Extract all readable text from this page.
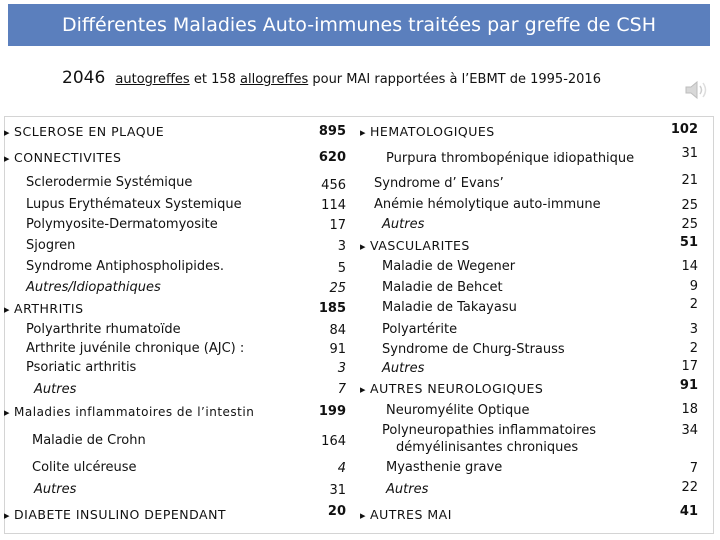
Différentes Maladies Auto-immunes traitées par greffe de CSH
2046 autogreffes et 158 allogreffes pour MAI rapportées à l’EBMT de 1995-2016
▸ SCLEROSE EN PLAQUE	895
▸ CONNECTIVITES	620
Sclerodermie Systémique	456
Lupus Erythémateux Systemique	114
Polymyosite-Dermatomyosite	17
Sjogren	3
Syndrome Antiphospholipides.	5
Autres/Idiopathiques	25
▸ ARTHRITIS	185
Polyarthrite rhumatoïde	84
Arthrite juvénile chronique (AJC) :	91
Psoriatic arthritis	3
Autres	7
▸ Maladies inflammatoires de l’intestin	199
Maladie de Crohn	164
Colite ulcéreuse	4
Autres	31
▸ DIABETE INSULINO DEPENDANT	20
▸ HEMATOLOGIQUES	102
Purpura thrombopénique idiopathique	31
Syndrome d’ Evans’	21
Anémie hémolytique auto-immune	25
Autres	25
▸ VASCULARITES	51
Maladie de Wegener	14
Maladie de Behcet	9
Maladie de Takayasu	2
Polyartérite	3
Syndrome de Churg-Strauss	2
Autres	17
▸ AUTRES NEUROLOGIQUES	91
Neuromyélite Optique	18
Polyneuropathies inflammatoires
démyélinisantes chroniques
34
Myasthenie grave	7
Autres	22
▸ AUTRES MAI	41
